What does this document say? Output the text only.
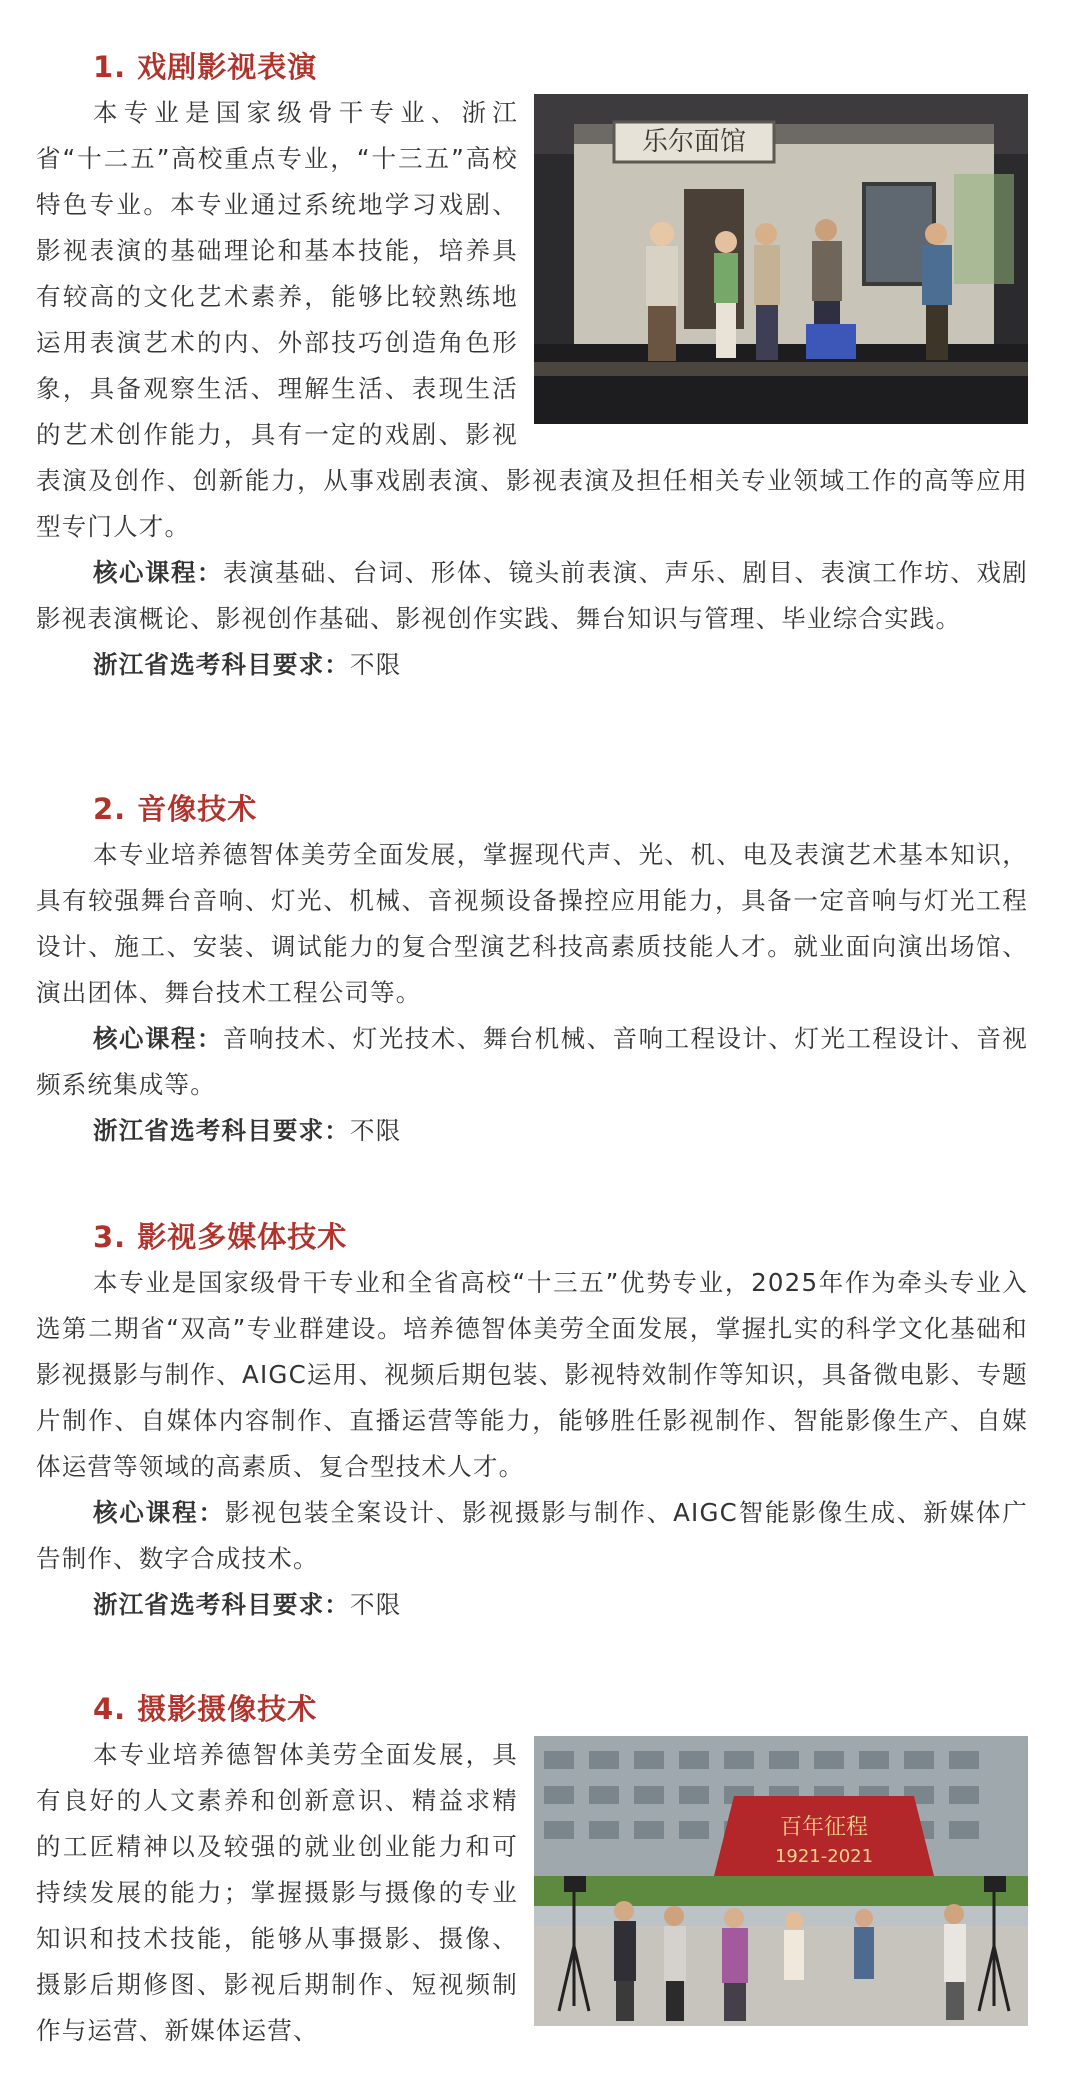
1. 戏剧影视表演
乐尔面馆

本专业是国家级骨干专业、浙江省“十二五”高校重点专业，“十三五”高校特色专业。本专业通过系统地学习戏剧、影视表演的基础理论和基本技能，培养具有较高的文化艺术素养，能够比较熟练地运用表演艺术的内、外部技巧创造角色形象，具备观察生活、理解生活、表现生活的艺术创作能力，具有一定的戏剧、影视表演及创作、创新能力，从事戏剧表演、影视表演及担任相关专业领域工作的高等应用型专门人才。

核心课程：表演基础、台词、形体、镜头前表演、声乐、剧目、表演工作坊、戏剧影视表演概论、影视创作基础、影视创作实践、舞台知识与管理、毕业综合实践。

浙江省选考科目要求：不限

2. 音像技术

本专业培养德智体美劳全面发展，掌握现代声、光、机、电及表演艺术基本知识，具有较强舞台音响、灯光、机械、音视频设备操控应用能力，具备一定音响与灯光工程设计、施工、安装、调试能力的复合型演艺科技高素质技能人才。就业面向演出场馆、演出团体、舞台技术工程公司等。

核心课程：音响技术、灯光技术、舞台机械、音响工程设计、灯光工程设计、音视频系统集成等。

浙江省选考科目要求：不限

3. 影视多媒体技术

本专业是国家级骨干专业和全省高校“十三五”优势专业，2025年作为牵头专业入选第二期省“双高”专业群建设。培养德智体美劳全面发展，掌握扎实的科学文化基础和影视摄影与制作、AIGC运用、视频后期包装、影视特效制作等知识，具备微电影、专题片制作、自媒体内容制作、直播运营等能力，能够胜任影视制作、智能影像生产、自媒体运营等领域的高素质、复合型技术人才。

核心课程：影视包装全案设计、影视摄影与制作、AIGC智能影像生成、新媒体广告制作、数字合成技术。

浙江省选考科目要求：不限

4. 摄影摄像技术
百年征程
1921-2021

本专业培养德智体美劳全面发展，具有良好的人文素养和创新意识、精益求精的工匠精神以及较强的就业创业能力和可持续发展的能力；掌握摄影与摄像的专业知识和技术技能，能够从事摄影、摄像、摄影后期修图、影视后期制作、短视频制作与运营、新媒体运营、
